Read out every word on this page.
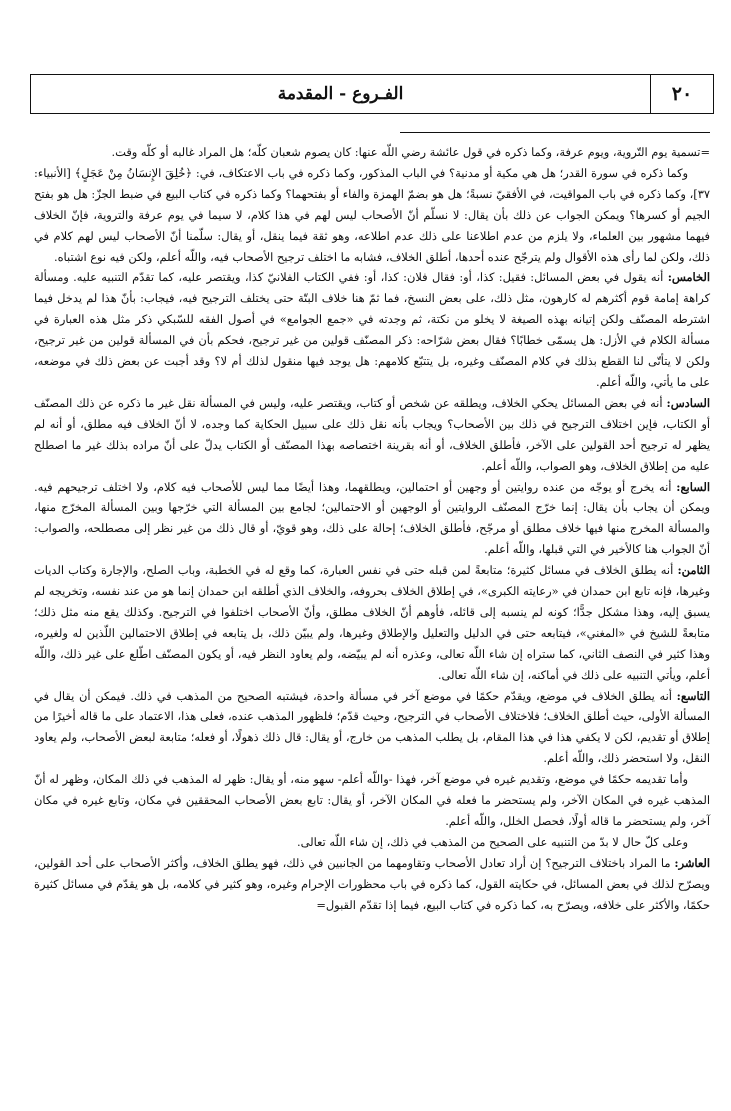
٢٠
الفـروع - المقدمة

=تسمية يوم التّروية، ويوم عرفة، وكما ذكره في قول عائشة رضي اللّه عنها: كان يصوم شعبان كلّه؛ هل المراد غالبه أو كلّه وقت.

وكما ذكره في سورة القدر؛ هل هي مكية أو مدنية؟ في الباب المذكور، وكما ذكره في باب الاعتكاف، في: ﴿خُلِقَ الإِنسَانُ مِنْ عَجَلٍ﴾ [الأنبياء: ٣٧]، وكما ذكره في باب المواقيت، في الأفقيّ نسبةً؛ هل هو بضمّ الهمزة والفاء أو بفتحهما؟ وكما ذكره في كتاب البيع في ضبط الجزّ: هل هو بفتح الجيم أو كسرها؟ ويمكن الجواب عن ذلك بأن يقال: لا نسلّم أنّ الأصحاب ليس لهم في هذا كلام، لا سيما في يوم عرفة والتروية، فإنّ الخلاف فيهما مشهور بين العلماء، ولا يلزم من عدم اطلاعنا على ذلك عدم اطلاعه، وهو ثقة فيما ينقل، أو يقال: سلّمنا أنّ الأصحاب ليس لهم كلام في ذلك، ولكن لما رأى هذه الأقوال ولم يترجّح عنده أحدها، أطلق الخلاف، فشابه ما اختلف ترجيح الأصحاب فيه، واللّه أعلم، ولكن فيه نوع اشتباه.

الخامس: أنه يقول في بعض المسائل: فقيل: كذا، أو: فقال فلان: كذا، أو: ففي الكتاب الفلانيّ كذا، ويقتصر عليه، كما تقدّم التنبيه عليه. ومسألة كراهة إمامة قوم أكثرهم له كارهون، مثل ذلك، على بعض النسخ، فما ثمّ هنا خلاف البتّة حتى يختلف الترجيح فيه، فيجاب: بأنّ هذا لم يدخل فيما اشترطه المصنّف ولكن إتيانه بهذه الصيغة لا يخلو من نكتة، ثم وجدته في «جمع الجوامع» في أصول الفقه للسّبكي ذكر مثل هذه العبارة في مسألة الكلام في الأزل: هل يسمّى خطابًا؟ فقال بعض شرّاحه: ذكر المصنّف قولين من غير ترجيح، فحكم بأن في المسألة قولين من غير ترجيح، ولكن لا يتأتّى لنا القطع بذلك في كلام المصنّف وغيره، بل يتتبّع كلامهم: هل يوجد فيها منقول لذلك أم لا؟ وقد أجبت عن بعض ذلك في موضعه، على ما يأتي، واللّه أعلم.

السادس: أنه في بعض المسائل يحكي الخلاف، ويطلقه عن شخص أو كتاب، ويقتصر عليه، وليس في المسألة نقل غير ما ذكره عن ذلك المصنّف أو الكتاب، فإين اختلاف الترجيح في ذلك بين الأصحاب؟ ويجاب بأنه نقل ذلك على سبيل الحكاية كما وجده، لا أنّ الخلاف فيه مطلق، أو أنه لم يظهر له ترجيح أحد القولين على الآخر، فأطلق الخلاف، أو أنه بقرينة اختصاصه بهذا المصنّف أو الكتاب يدلّ على أنّ مراده بذلك غير ما اصطلح عليه من إطلاق الخلاف، وهو الصواب، واللّه أعلم.

السابع: أنه يخرج أو يوجّه من عنده روايتين أو وجهين أو احتمالين، ويطلقهما، وهذا أيضًا مما ليس للأصحاب فيه كلام، ولا اختلف ترجيحهم فيه. ويمكن أن يجاب بأن يقال: إنما خرّج المصنّف الروايتين أو الوجهين أو الاحتمالين؛ لجامع بين المسألة التي خرّجها وبين المسألة المخرّج منها، والمسألة المخرج منها فيها خلاف مطلق أو مرجّح، فأطلق الخلاف؛ إحالة على ذلك، وهو قويّ، أو قال ذلك من غير نظر إلى مصطلحه، والصواب: أنّ الجواب هنا كالأخير في التي قبلها، واللّه أعلم.

الثامن: أنه يطلق الخلاف في مسائل كثيرة؛ متابعةً لمن قبله حتى في نفس العبارة، كما وقع له في الخطبة، وباب الصلح، والإجارة وكتاب الديات وغيرها، فإنه تابع ابن حمدان في «رعايته الكبرى»، في إطلاق الخلاف بحروفه، والخلاف الذي أطلقه ابن حمدان إنما هو من عند نفسه، وتخريجه لم يسبق إليه، وهذا مشكل جدًّا؛ كونه لم ينسبه إلى قائله، فأوهم أنّ الخلاف مطلق، وأنّ الأصحاب اختلفوا في الترجيح. وكذلك يقع منه مثل ذلك؛ متابعةً للشيخ في «المغني»، فيتابعه حتى في الدليل والتعليل والإطلاق وغيرها، ولم يبيّن ذلك، بل يتابعه في إطلاق الاحتمالين اللّذين له ولغيره، وهذا كثير في النصف الثاني، كما ستراه إن شاء اللّه تعالى، وعذره أنه لم يبيّضه، ولم يعاود النظر فيه، أو يكون المصنّف اطّلع على غير ذلك، واللّه أعلم، ويأتي التنبيه على ذلك في أماكنه، إن شاء اللّه تعالى.

التاسع: أنه يطلق الخلاف في موضع، ويقدّم حكمًا في موضع آخر في مسألة واحدة، فيشتبه الصحيح من المذهب في ذلك. فيمكن أن يقال في المسألة الأولى، حيث أطلق الخلاف؛ فلاختلاف الأصحاب في الترجيح، وحيث قدّم؛ فلظهور المذهب عنده، فعلى هذا، الاعتماد على ما قاله أخيرًا من إطلاق أو تقديم، لكن لا يكفي هذا في هذا المقام، بل يطلب المذهب من خارج، أو يقال: قال ذلك ذهولًا، أو فعله؛ متابعة لبعض الأصحاب، ولم يعاود النقل، ولا استحضر ذلك، واللّه أعلم.

وأما تقديمه حكمًا في موضع، وتقديم غيره في موضع آخر، فهذا -واللّه أعلم- سهو منه، أو يقال: ظهر له المذهب في ذلك المكان، وظهر له أنّ المذهب غيره في المكان الآخر، ولم يستحضر ما فعله في المكان الآخر، أو يقال: تابع بعض الأصحاب المحققين في مكان، وتابع غيره في مكان آخر، ولم يستحضر ما قاله أولًا، فحصل الخلل، واللّه أعلم.

وعلى كلّ حال لا بدّ من التنبيه على الصحيح من المذهب في ذلك، إن شاء اللّه تعالى.

العاشر: ما المراد باختلاف الترجيح؟ إن أراد تعادل الأصحاب وتقاومهما من الجانبين في ذلك، فهو يطلق الخلاف، وأكثر الأصحاب على أحد القولين، ويصرّح لذلك في بعض المسائل، في حكايته القول، كما ذكره في باب محظورات الإحرام وغيره، وهو كثير في كلامه، بل هو يقدّم في مسائل كثيرة حكمًا، والأكثر على خلافه، ويصرّح به، كما ذكره في كتاب البيع، فيما إذا تقدّم القبول=
